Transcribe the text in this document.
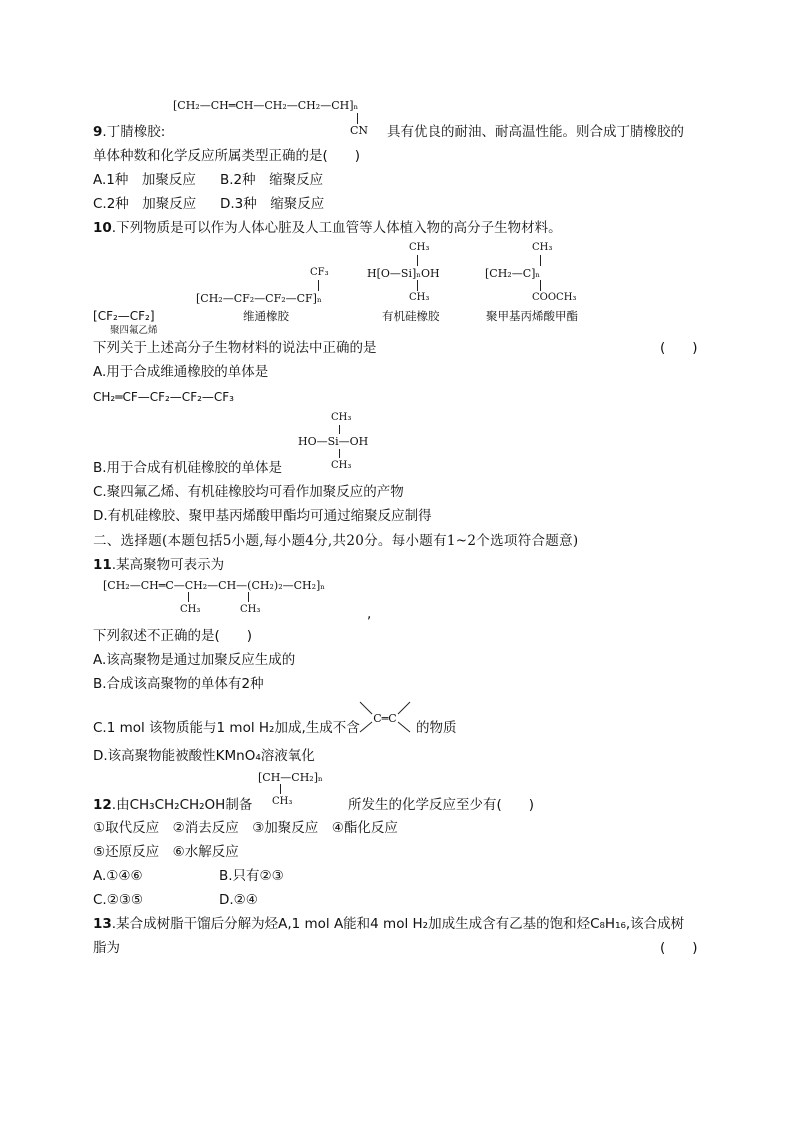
[CH₂—CH═CH—CH₂—CH₂—CH]ₙ
CN
9.丁腈橡胶:	具有优良的耐油、耐高温性能。则合成丁腈橡胶的
单体种数和化学反应所属类型正确的是(　　)
A.1种　加聚反应 B.2种　缩聚反应
C.2种　加聚反应 D.3种　缩聚反应
10.下列物质是可以作为人体心脏及人工血管等人体植入物的高分子生物材料。
[CF₂—CF₂]
聚四氟乙烯
CF₃
[CH₂—CF₂—CF₂—CF]ₙ
维通橡胶
CH₃
H[O—Si]ₙOH
CH₃
有机硅橡胶
CH₃
[CH₂—C]ₙ
COOCH₃
聚甲基丙烯酸甲酯
下列关于上述高分子生物材料的说法中正确的是	(　　)
A.用于合成维通橡胶的单体是
CH₂═CF—CF₂—CF₂—CF₃
CH₃
HO—Si—OH
CH₃
B.用于合成有机硅橡胶的单体是
C.聚四氟乙烯、有机硅橡胶均可看作加聚反应的产物
D.有机硅橡胶、聚甲基丙烯酸甲酯均可通过缩聚反应制得
二、选择题(本题包括5小题,每小题4分,共20分。每小题有1~2个选项符合题意)
11.某高聚物可表示为
[CH₂—CH═C—CH₂—CH—(CH₂)₂—CH₂]ₙ
CH₃	CH₃	,
下列叙述不正确的是(　　)
A.该高聚物是通过加聚反应生成的
B.合成该高聚物的单体有2种
C.1 mol 该物质能与1 mol H₂加成,生成不含
C═C
的物质
D.该高聚物能被酸性KMnO₄溶液氧化
[CH—CH₂]ₙ
CH₃
12.由CH₃CH₂CH₂OH制备	所发生的化学反应至少有(　　)
①取代反应　②消去反应　③加聚反应　④酯化反应
⑤还原反应　⑥水解反应
A.①④⑥	B.只有②③
C.②③⑤	D.②④
13.某合成树脂干馏后分解为烃A,1 mol A能和4 mol H₂加成生成含有乙基的饱和烃C₈H₁₆,该合成树
脂为	(　　)
